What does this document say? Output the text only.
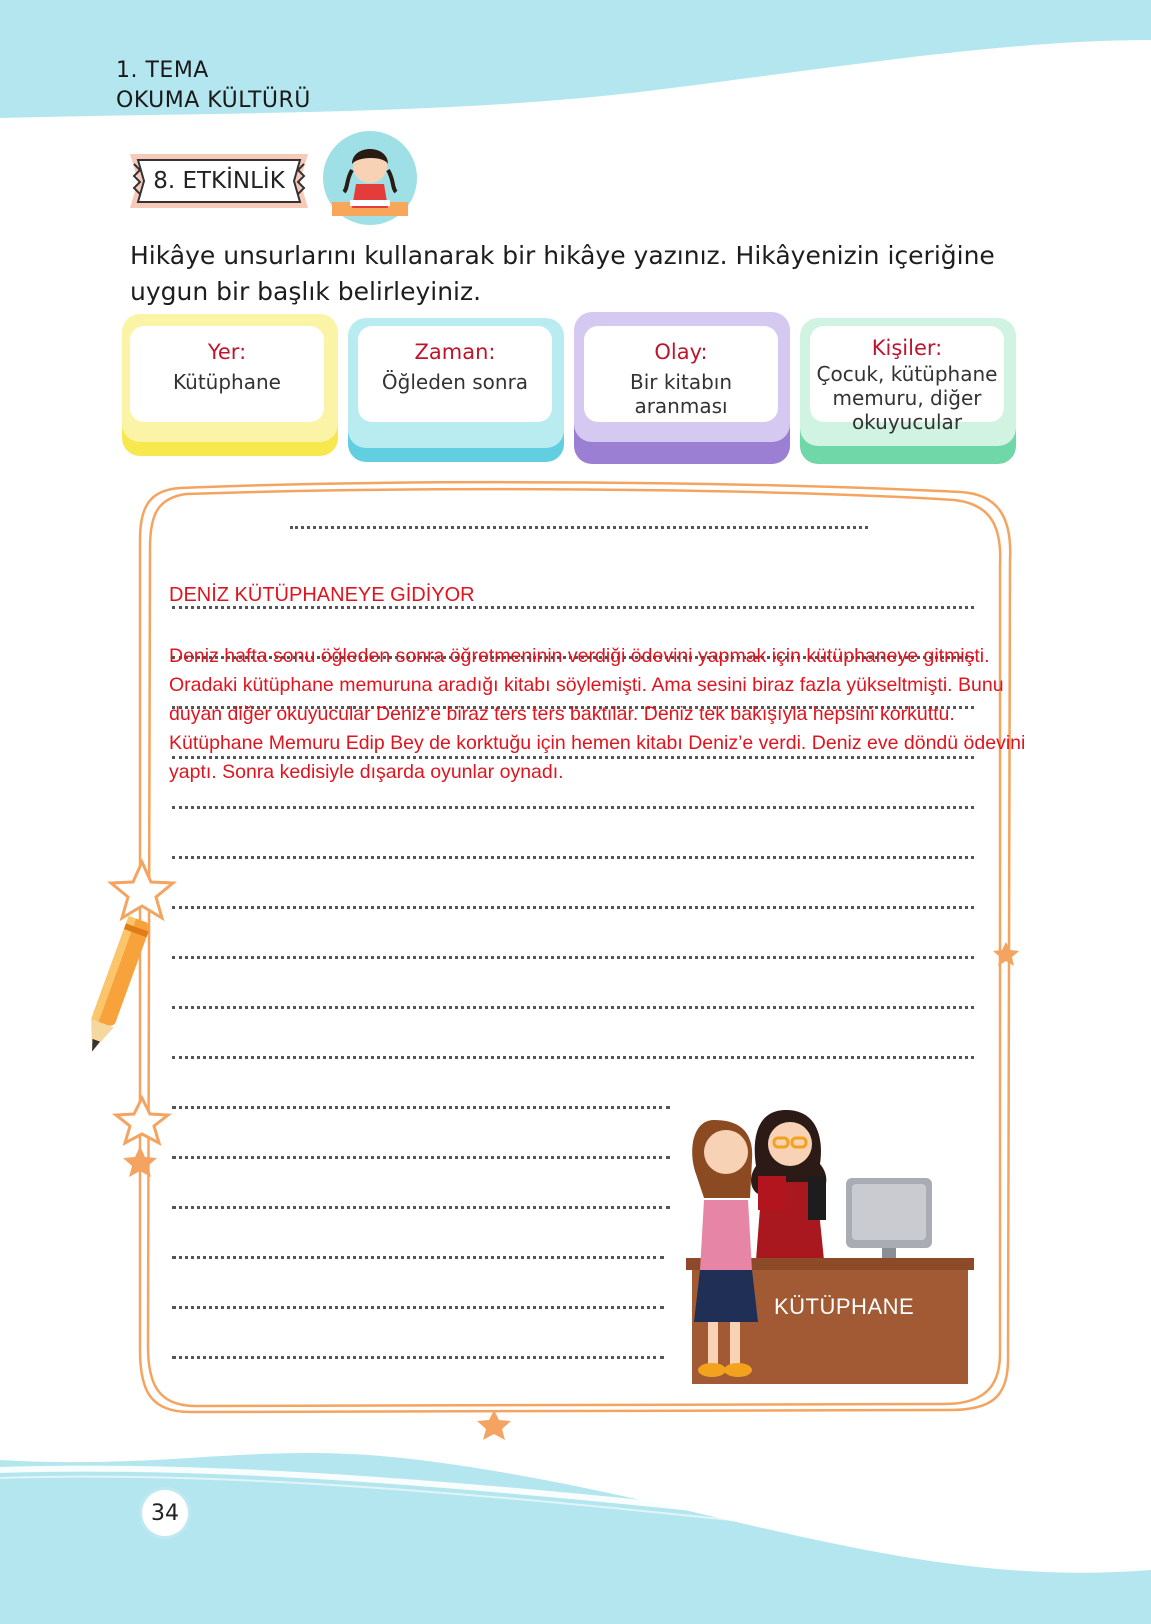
1. TEMA
OKUMA KÜLTÜRÜ
8. ETKİNLİK
Hikâye unsurlarını kullanarak bir hikâye yazınız. Hikâyenizin içeriğine uygun bir başlık belirleyiniz.
Yer:
Kütüphane
Zaman:
Öğleden sonra
Olay:
Bir kitabın aranması
Kişiler:
Çocuk, kütüphane memuru, diğer okuyucular
DENİZ KÜTÜPHANEYE GİDİYOR
Deniz hafta sonu öğleden sonra öğretmeninin verdiği ödevini yapmak için kütüphaneye gitmişti. Oradaki kütüphane memuruna aradığı kitabı söylemişti. Ama sesini biraz fazla yükseltmişti. Bunu duyan diğer okuyucular Deniz’e biraz ters ters baktılar. Deniz tek bakışıyla hepsini korkuttu. Kütüphane Memuru Edip Bey de korktuğu için hemen kitabı Deniz’e verdi. Deniz eve döndü ödevini yaptı. Sonra kedisiyle dışarda oyunlar oynadı.
KÜTÜPHANE
34
